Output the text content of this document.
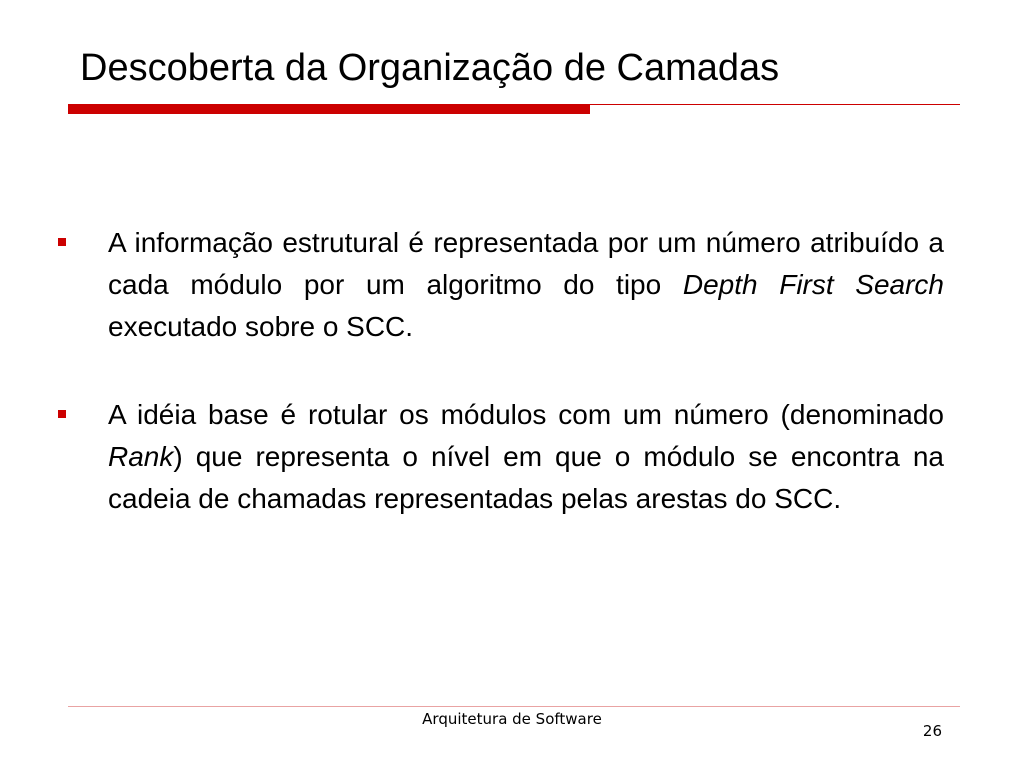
Descoberta da Organização de Camadas
A informação estrutural é representada por um número atribuído a cada módulo por um algoritmo do tipo Depth First Search executado sobre o SCC.
A idéia base é rotular os módulos com um número (denominado Rank) que representa o nível em que o módulo se encontra na cadeia de chamadas representadas pelas arestas do SCC.
Arquitetura de Software
26
